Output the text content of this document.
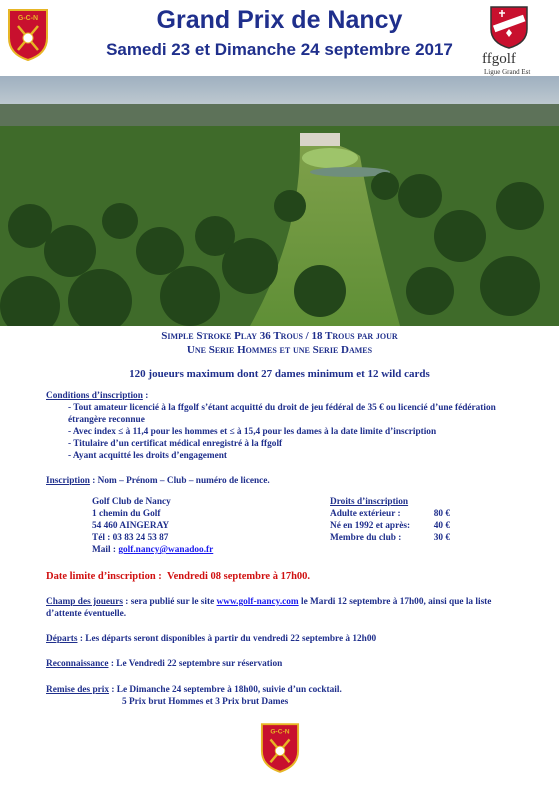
G-C-N	Grand Prix de Nancy
Samedi 23 et Dimanche 24 septembre 2017	ffgolf
Ligue Grand Est
Simple Stroke Play 36 Trous / 18 Trous par jour
Une Serie Hommes et une Serie Dames
120 joueurs maximum dont 27 dames minimum et 12 wild cards
Conditions d’inscription :
- Tout amateur licencié à la ffgolf s’étant acquitté du droit de jeu fédéral de 35 € ou licencié d’une fédération
étrangère reconnue
- Avec index ≤ à 11,4 pour les hommes et ≤ à 15,4 pour les dames à la date limite d’inscription
- Titulaire d’un certificat médical enregistré à la ffgolf
- Ayant acquitté les droits d’engagement
Inscription : Nom – Prénom – Club – numéro de licence.
Golf Club de Nancy
1 chemin du Golf
54 460 AINGERAY
Tél : 03 83 24 53 87
Mail : golf.nancy@wanadoo.fr
Droits d’inscription
Adulte extérieur :	80 €
Né en 1992 et après:	40 €
Membre du club :	30 €
Date limite d’inscription : Vendredi 08 septembre à 17h00.
Champ des joueurs : sera publié sur le site www.golf-nancy.com le Mardi 12 septembre à 17h00, ainsi que la liste
d’attente éventuelle.
Départs : Les départs seront disponibles à partir du vendredi 22 septembre à 12h00
Reconnaissance : Le Vendredi 22 septembre sur réservation
Remise des prix : Le Dimanche 24 septembre à 18h00, suivie d’un cocktail.
5 Prix brut Hommes et 3 Prix brut Dames
G-C-N
